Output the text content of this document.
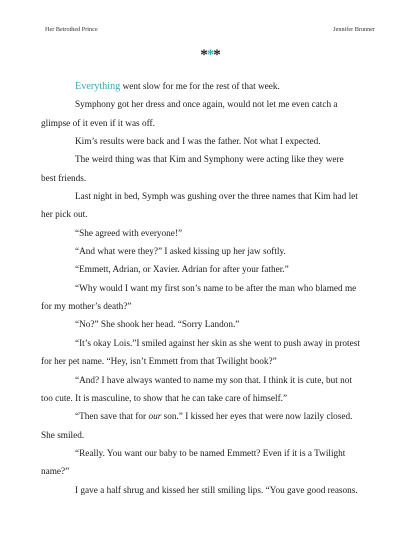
Her Betrothed Prince	Jennifer Brunner
***

Everything went slow for me for the rest of that week.

Symphony got her dress and once again, would not let me even catch a
glimpse of it even if it was off.

Kim’s results were back and I was the father. Not what I expected.

The weird thing was that Kim and Symphony were acting like they were
best friends.

Last night in bed, Symph was gushing over the three names that Kim had let
her pick out.

“She agreed with everyone!”

“And what were they?” I asked kissing up her jaw softly.

“Emmett, Adrian, or Xavier. Adrian for after your father.”

“Why would I want my first son’s name to be after the man who blamed me
for my mother’s death?”

“No?” She shook her head. “Sorry Landon.”

“It’s okay Lois.”I smiled against her skin as she went to push away in protest
for her pet name. “Hey, isn’t Emmett from that Twilight book?”

“And? I have always wanted to name my son that. I think it is cute, but not
too cute. It is masculine, to show that he can take care of himself.”

“Then save that for our son.” I kissed her eyes that were now lazily closed.
She smiled.

“Really. You want our baby to be named Emmett? Even if it is a Twilight
name?”

I gave a half shrug and kissed her still smiling lips. “You gave good reasons.
